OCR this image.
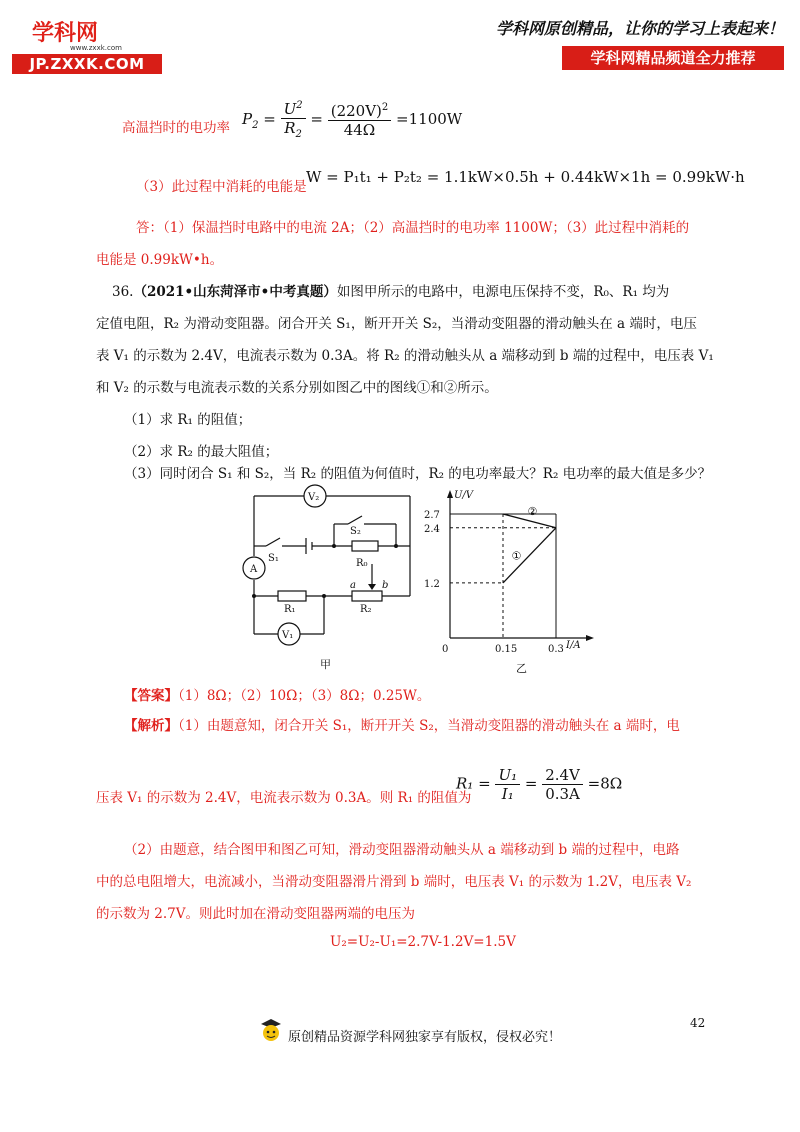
学科网
www.zxxk.com
JP.ZXXK.COM
学科网原创精品，让你的学习上表起来！
学科网精品频道全力推荐
高温挡时的电功率 $P_2 = \frac{U^2}{R_2} = \frac{(220V)^2}{44\Omega} =1100W$
（3）此过程中消耗的电能是
W = P₁t₁ + P₂t₂ = 1.1kW×0.5h + 0.44kW×1h = 0.99kW·h
答：（1）保温挡时电路中的电流 2A；（2）高温挡时的电功率 1100W；（3）此过程中消耗的
电能是 0.99kW•h。
36.（2021•山东菏泽市•中考真题）如图甲所示的电路中，电源电压保持不变，R₀、R₁ 均为
定值电阻，R₂ 为滑动变阻器。闭合开关 S₁，断开开关 S₂，当滑动变阻器的滑动触头在 a 端时，电压
表 V₁ 的示数为 2.4V，电流表示数为 0.3A。将 R₂ 的滑动触头从 a 端移动到 b 端的过程中，电压表 V₁
和 V₂ 的示数与电流表示数的关系分别如图乙中的图线①和②所示。
（1）求 R₁ 的阻值；
（2）求 R₂ 的最大阻值；
（3）同时闭合 S₁ 和 S₂，当 R₂ 的阻值为何值时，R₂ 的电功率最大？R₂ 电功率的最大值是多少？
V₂
S₂
S₁	R₀
A
a	b
R₁	R₂
V₁
甲
1.2
2.4
2.7
0	0.15	0.3
①
②
U/V
I/A
乙
【答案】（1）8Ω；（2）10Ω；（3）8Ω；0.25W。
【解析】（1）由题意知，闭合开关 S₁，断开开关 S₂，当滑动变阻器的滑动触头在 a 端时，电
压表 V₁ 的示数为 2.4V，电流表示数为 0.3A。则 R₁ 的阻值为
$R_1 = \frac{\text{U₁}}{\text{I₁}} = \frac{2.4V}{0.3A} =8\Omega$
（2）由题意，结合图甲和图乙可知，滑动变阻器滑动触头从 a 端移动到 b 端的过程中，电路
中的总电阻增大，电流减小，当滑动变阻器滑片滑到 b 端时，电压表 V₁ 的示数为 1.2V，电压表 V₂
的示数为 2.7V。则此时加在滑动变阻器两端的电压为
U₂=U₂-U₁=2.7V-1.2V=1.5V
42
原创精品资源学科网独家享有版权，侵权必究！
